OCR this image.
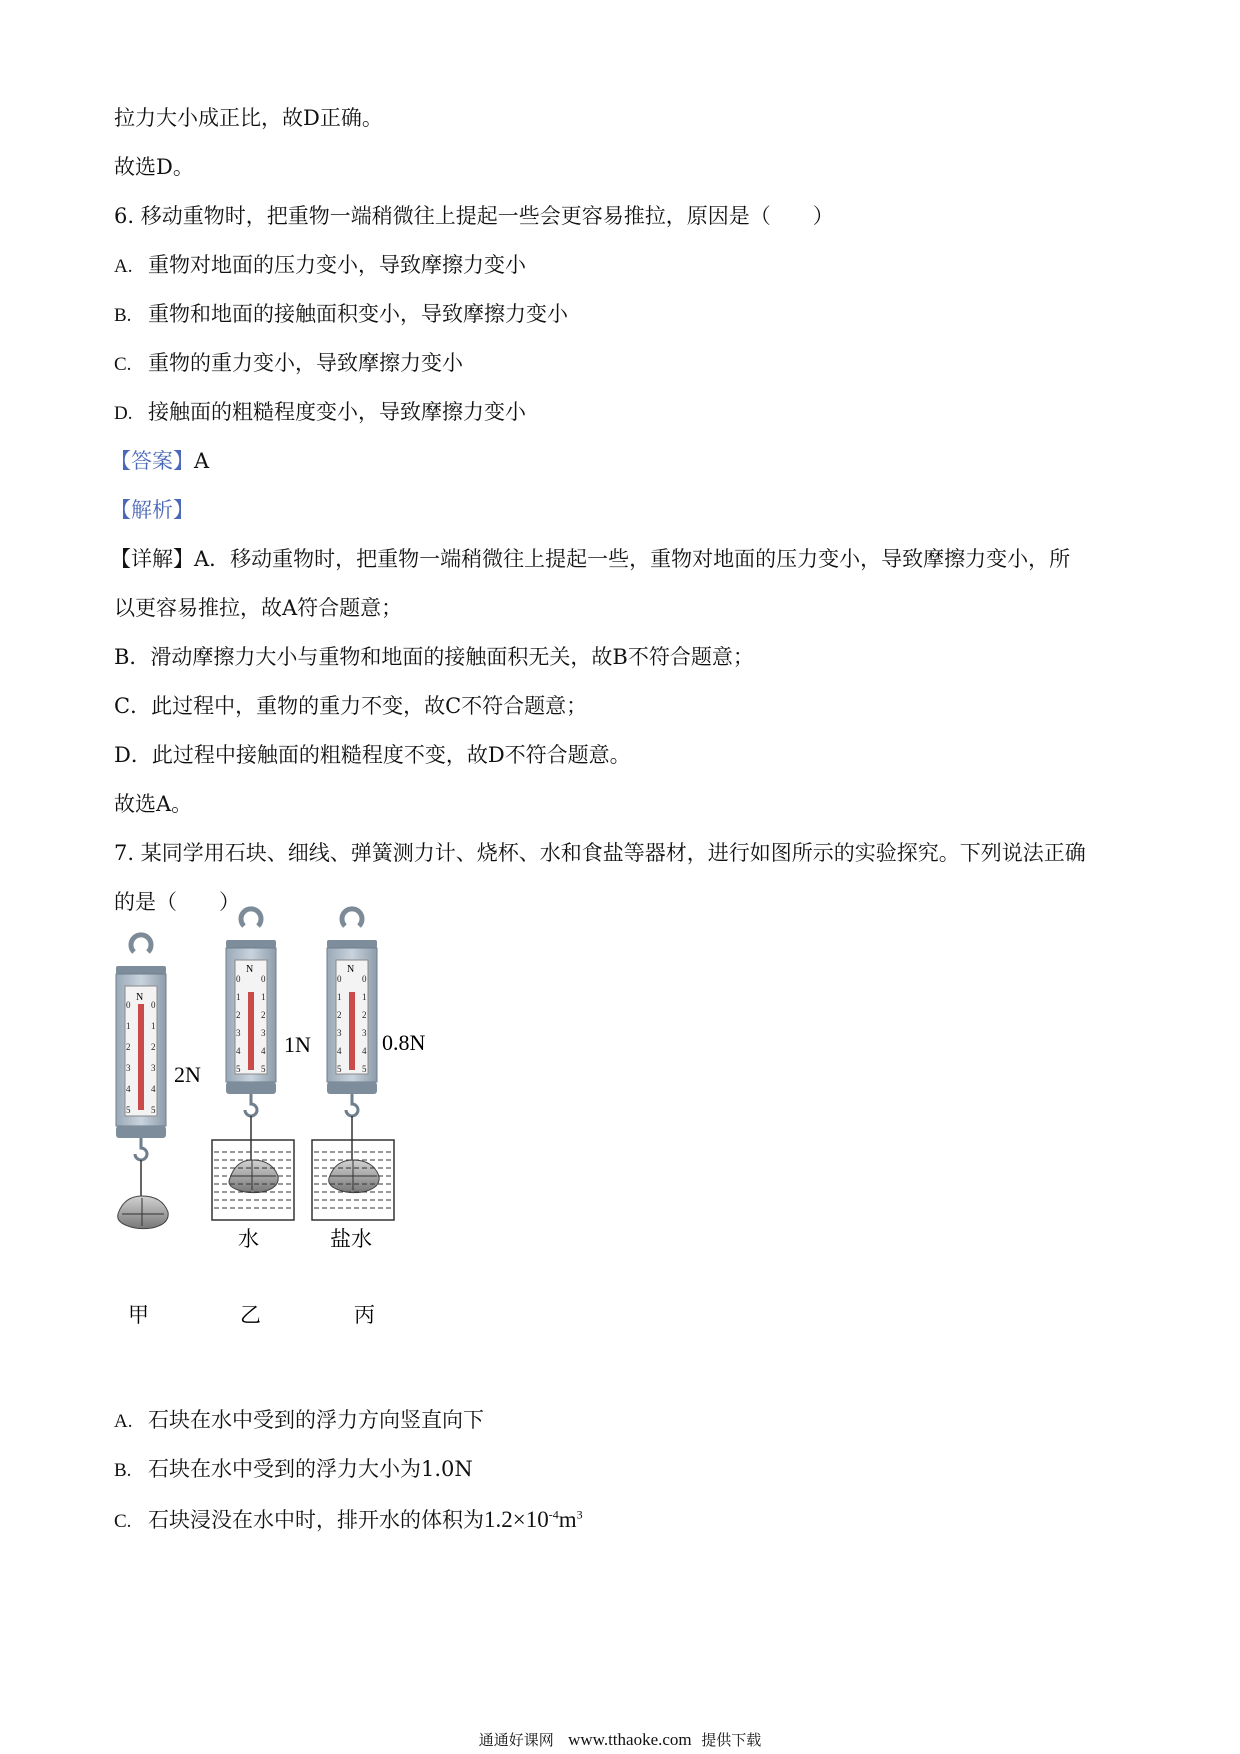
拉力大小成正比，故D正确。
故选D。
6. 移动重物时，把重物一端稍微往上提起一些会更容易推拉，原因是（　　）
A. 重物对地面的压力变小，导致摩擦力变小
B. 重物和地面的接触面积变小，导致摩擦力变小
C. 重物的重力变小，导致摩擦力变小
D. 接触面的粗糙程度变小，导致摩擦力变小
【答案】A
【解析】
【详解】A．移动重物时，把重物一端稍微往上提起一些，重物对地面的压力变小，导致摩擦力变小，所
以更容易推拉，故A符合题意；
B．滑动摩擦力大小与重物和地面的接触面积无关，故B不符合题意；
C．此过程中，重物的重力不变，故C不符合题意；
D．此过程中接触面的粗糙程度不变，故D不符合题意。
故选A。
7. 某同学用石块、细线、弹簧测力计、烧杯、水和食盐等器材，进行如图所示的实验探究。下列说法正确
的是（　　）
N
0 0
1 1
2 2
3 3
4 4
5 5
2N
甲
N
0 0
1 1
2 2
3 3
4 4
5 5
1N
水
乙
N
0 0
1 1
2 2
3 3
4 4
5 5
0.8N
盐水
丙
A. 石块在水中受到的浮力方向竖直向下
B. 石块在水中受到的浮力大小为1.0N
C. 石块浸没在水中时，排开水的体积为$1.2\times 10^{-4}m^3$
通通好课网 www.tthaoke.com 提供下载
